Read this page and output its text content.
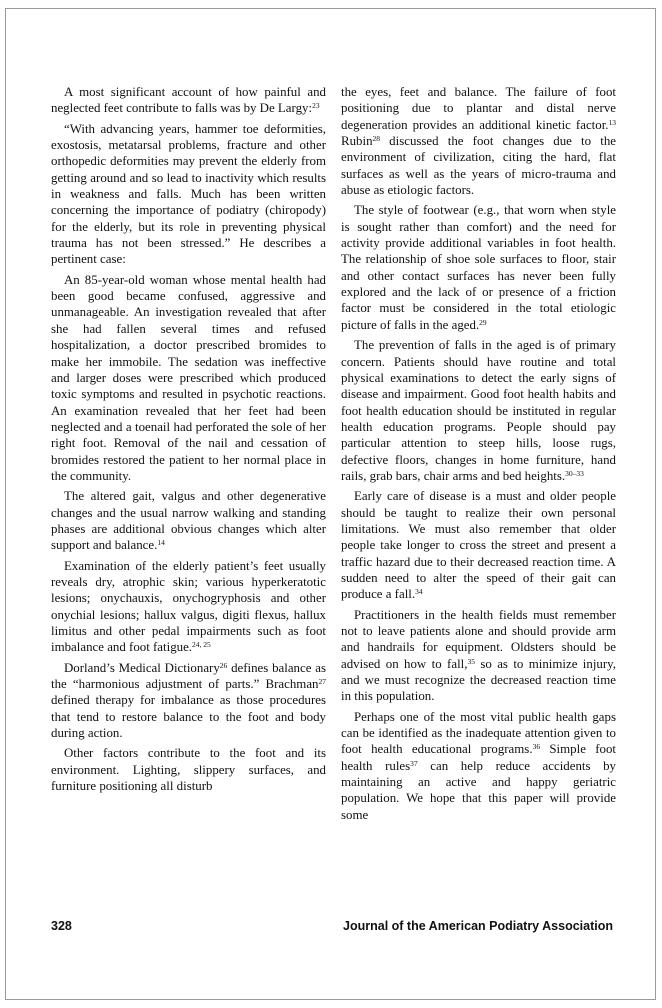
A most significant account of how painful and neglected feet contribute to falls was by De Largy:$^{23}$

“With advancing years, hammer toe deformities, exostosis, metatarsal problems, fracture and other orthopedic deformities may prevent the elderly from getting around and so lead to inactivity which results in weakness and falls. Much has been written concerning the importance of podiatry (chiropody) for the elderly, but its role in preventing physical trauma has not been stressed.” He describes a pertinent case:

An 85-year-old woman whose mental health had been good became confused, aggressive and unmanageable. An investigation revealed that after she had fallen several times and refused hospitalization, a doctor prescribed bromides to make her immobile. The sedation was ineffective and larger doses were prescribed which produced toxic symptoms and resulted in psychotic reactions. An examination revealed that her feet had been neglected and a toenail had perforated the sole of her right foot. Removal of the nail and cessation of bromides restored the patient to her normal place in the community.

The altered gait, valgus and other degenerative changes and the usual narrow walking and standing phases are additional obvious changes which alter support and balance.$^{14}$

Examination of the elderly patient’s feet usually reveals dry, atrophic skin; various hyperkeratotic lesions; onychauxis, onychogryphosis and other onychial lesions; hallux valgus, digiti flexus, hallux limitus and other pedal impairments such as foot imbalance and foot fatigue.$^{24, 25}$

Dorland’s Medical Dictionary$^{26}$ defines balance as the “harmonious adjustment of parts.” Brachman$^{27}$ defined therapy for imbalance as those procedures that tend to restore balance to the foot and body during action.

Other factors contribute to the foot and its environment. Lighting, slippery surfaces, and furniture positioning all disturb

the eyes, feet and balance. The failure of foot positioning due to plantar and distal nerve degeneration provides an additional kinetic factor.$^{13}$ Rubin$^{28}$ discussed the foot changes due to the environment of civilization, citing the hard, flat surfaces as well as the years of micro-trauma and abuse as etiologic factors.

The style of footwear (e.g., that worn when style is sought rather than comfort) and the need for activity provide additional variables in foot health. The relationship of shoe sole surfaces to floor, stair and other contact surfaces has never been fully explored and the lack of or presence of a friction factor must be considered in the total etiologic picture of falls in the aged.$^{29}$

The prevention of falls in the aged is of primary concern. Patients should have routine and total physical examinations to detect the early signs of disease and impairment. Good foot health habits and foot health education should be instituted in regular health education programs. People should pay particular attention to steep hills, loose rugs, defective floors, changes in home furniture, hand rails, grab bars, chair arms and bed heights.$^{30-33}$

Early care of disease is a must and older people should be taught to realize their own personal limitations. We must also remember that older people take longer to cross the street and present a traffic hazard due to their decreased reaction time. A sudden need to alter the speed of their gait can produce a fall.$^{34}$

Practitioners in the health fields must remember not to leave patients alone and should provide arm and handrails for equipment. Oldsters should be advised on how to fall,$^{35}$ so as to minimize injury, and we must recognize the decreased reaction time in this population.

Perhaps one of the most vital public health gaps can be identified as the inadequate attention given to foot health educational programs.$^{36}$ Simple foot health rules$^{37}$ can help reduce accidents by maintaining an active and happy geriatric population. We hope that this paper will provide some

328	Journal of the American Podiatry Association
